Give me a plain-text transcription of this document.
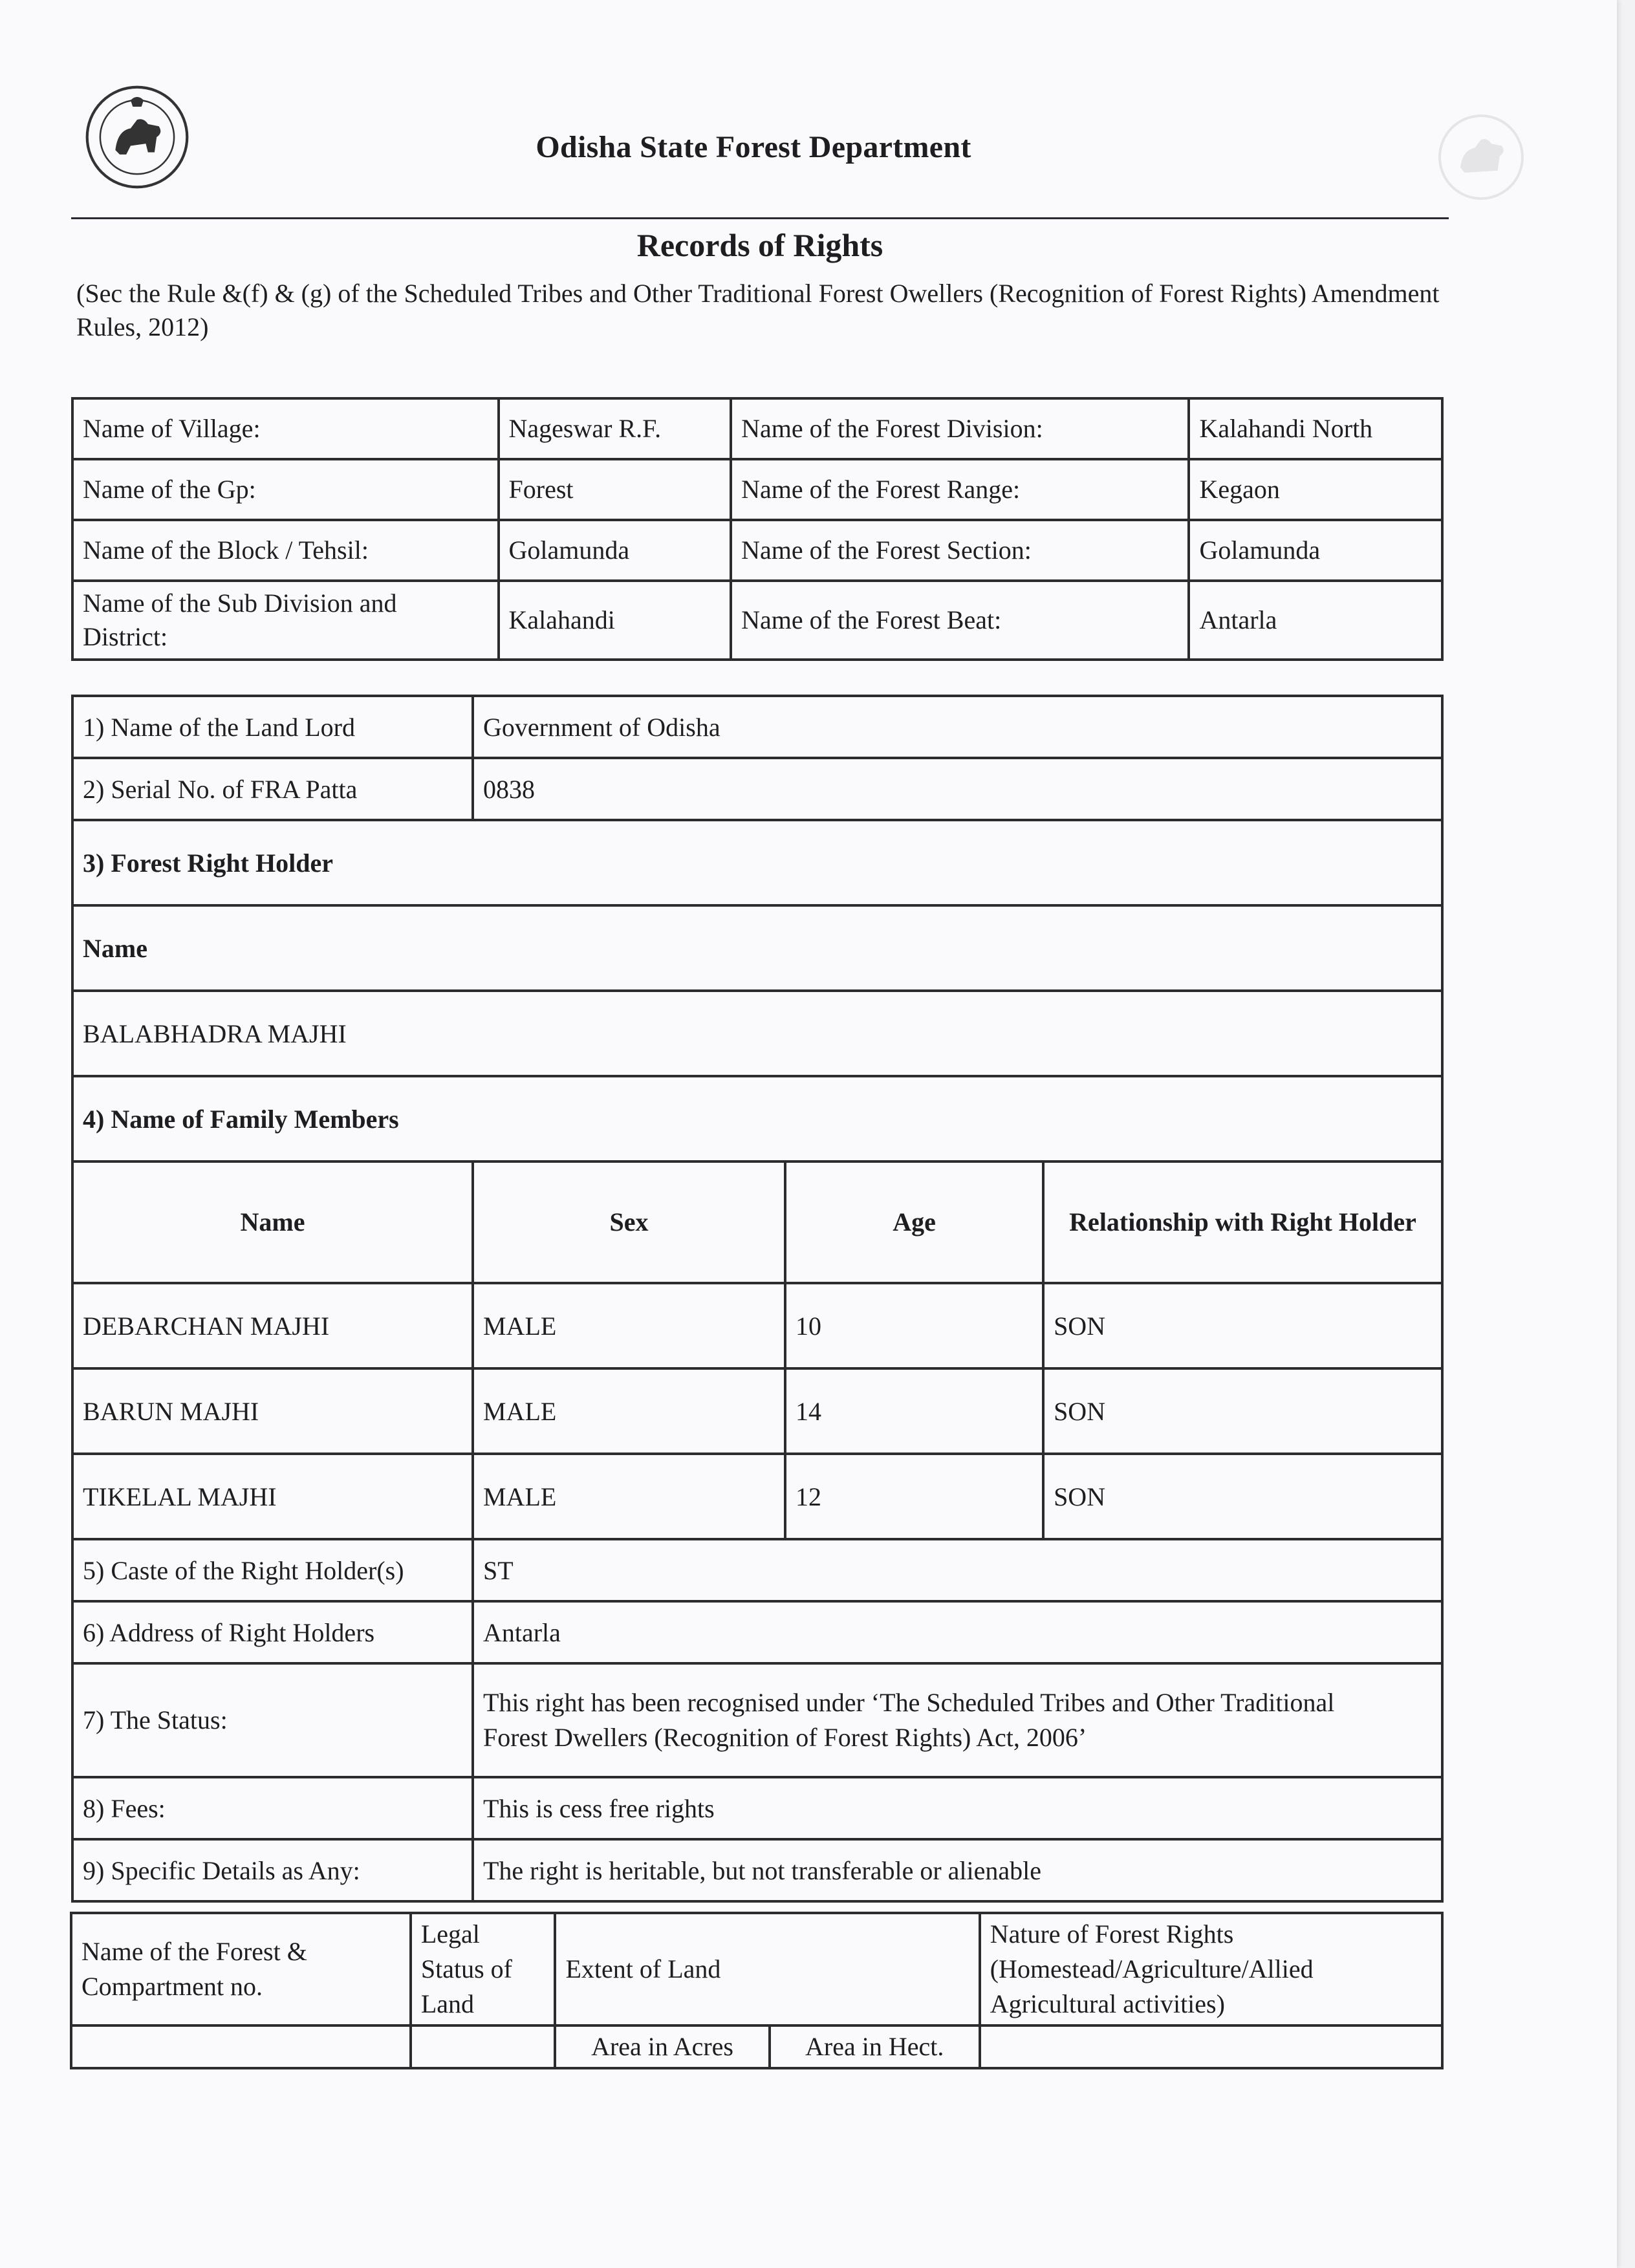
Odisha State Forest Department
Records of Rights
(Sec the Rule &(f) & (g) of the Scheduled Tribes and Other Traditional Forest Owellers (Recognition of Forest Rights) Amendment Rules, 2012)
Name of Village:	Nageswar R.F.	Name of the Forest Division:	Kalahandi North
Name of the Gp:	Forest	Name of the Forest Range:	Kegaon
Name of the Block / Tehsil:	Golamunda	Name of the Forest Section:	Golamunda
Name of the Sub Division and District:	Kalahandi	Name of the Forest Beat:	Antarla
1) Name of the Land Lord	Government of Odisha		
2) Serial No. of FRA Patta	0838		
3) Forest Right Holder			
Name			
BALABHADRA MAJHI			
4) Name of Family Members			
Name	Sex	Age	Relationship with Right Holder
DEBARCHAN MAJHI	MALE	10	SON
BARUN MAJHI	MALE	14	SON
TIKELAL MAJHI	MALE	12	SON
5) Caste of the Right Holder(s)	ST		
6) Address of Right Holders	Antarla		
7) The Status:	This right has been recognised under ‘The Scheduled Tribes and Other Traditional
Forest Dwellers (Recognition of Forest Rights) Act, 2006’		

8) Fees:	This is cess free rights		
9) Specific Details as Any:	The right is heritable, but not transferable or alienable		
Name of the Forest & Compartment no.	Legal Status of Land	Extent of Land		Nature of Forest Rights (Homestead/Agriculture/Allied Agricultural activities)
		Area in Acres	Area in Hect.	
